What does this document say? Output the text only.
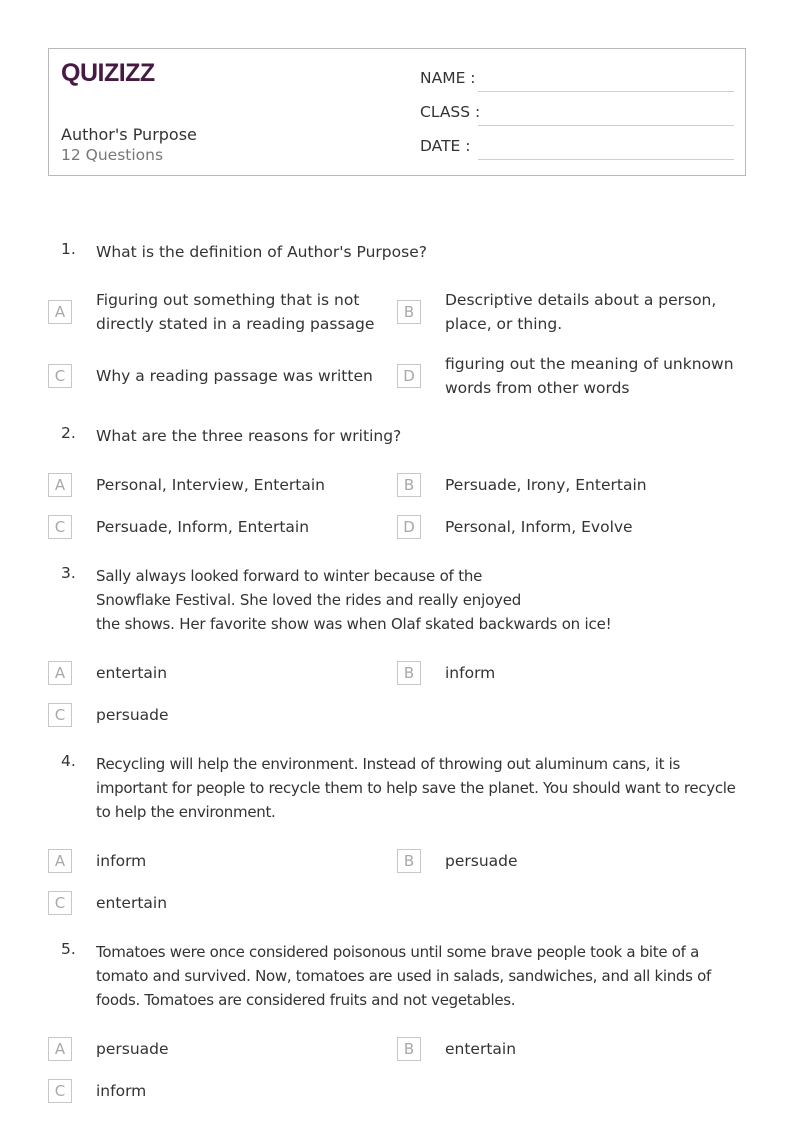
QUIZIZZ
Author's Purpose
12 Questions
NAME :
CLASS :
DATE :
1. What is the definition of Author's Purpose?
A
Figuring out something that is not
directly stated in a reading passage
B
Descriptive details about a person,
place, or thing.
C	Why a reading passage was written	D
figuring out the meaning of unknown
words from other words
2. What are the three reasons for writing?
A	Personal, Interview, Entertain	B	Persuade, Irony, Entertain
C	Persuade, Inform, Entertain	D	Personal, Inform, Evolve
3. Sally always looked forward to winter because of the
Snowflake Festival. She loved the rides and really enjoyed
the shows. Her favorite show was when Olaf skated backwards on ice!
A	entertain	B	inform
C	persuade
4. Recycling will help the environment. Instead of throwing out aluminum cans, it is
important for people to recycle them to help save the planet. You should want to recycle
to help the environment.
A	inform	B	persuade
C	entertain
5. Tomatoes were once considered poisonous until some brave people took a bite of a
tomato and survived. Now, tomatoes are used in salads, sandwiches, and all kinds of
foods. Tomatoes are considered fruits and not vegetables.
A	persuade	B	entertain
C	inform
